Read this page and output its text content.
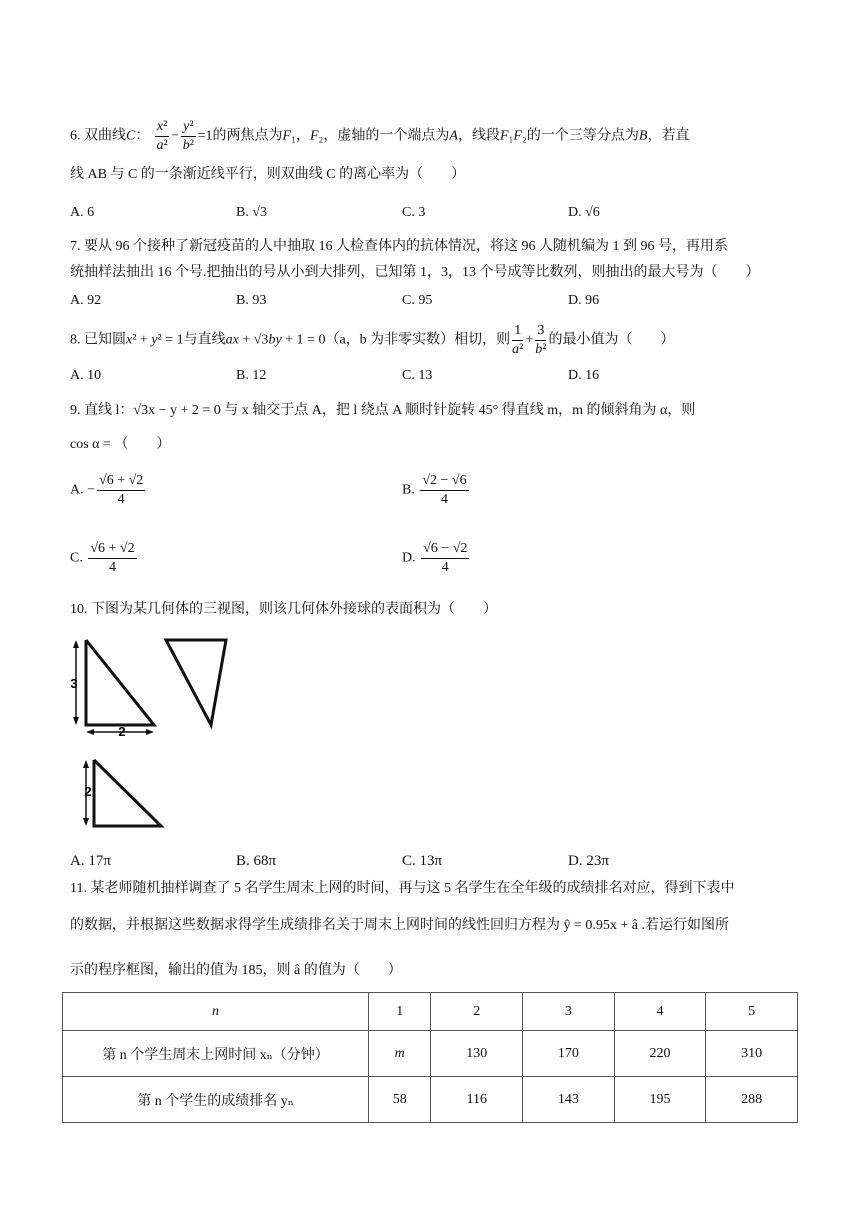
6. 双曲线C： $\frac{\text{x²}}{\text{a²}} - \frac{\text{y²}}{\text{b²}} =1$的两焦点为F₁，F₂，虚轴的一个端点为A，线段F₁F₂的一个三等分点为B，若直
线 AB 与 C 的一条渐近线平行，则双曲线 C 的离心率为（　　）
A. 6	B. √3	C. 3	D. √6
7. 要从 96 个接种了新冠疫苗的人中抽取 16 人检查体内的抗体情况，将这 96 人随机编为 1 到 96 号，再用系
统抽样法抽出 16 个号.把抽出的号从小到大排列，已知第 1，3，13 个号成等比数列，则抽出的最大号为（　　）
A. 92	B. 93	C. 95	D. 96
8. 已知圆x² + y² = 1与直线ax + √3by + 1 = 0（a，b 为非零实数）相切，则 $\frac{1}{\text{a²}} + \frac{3}{\text{b²}}$ 的最小值为（　　）
A. 10	B. 12	C. 13	D. 16
9. 直线 l：√3x − y + 2 = 0 与 x 轴交于点 A，把 l 绕点 A 顺时针旋转 45° 得直线 m，m 的倾斜角为 α，则
cos α = （　　）
A. − $\frac{√6 + √2}{4}$	B. $\frac{√2 - √6}{4}$
C. $\frac{√6 + √2}{4}$	D. $\frac{√6 - √2}{4}$
10. 下图为某几何体的三视图，则该几何体外接球的表面积为（　　）
3
2
2
A. 17π	B. 68π	C. 13π	D. 23π
11. 某老师随机抽样调查了 5 名学生周末上网的时间，再与这 5 名学生在全年级的成绩排名对应，得到下表中
的数据，并根据这些数据求得学生成绩排名关于周末上网时间的线性回归方程为 ŷ = 0.95x + â .若运行如图所
示的程序框图，输出的值为 185，则 â 的值为（　　）
n	1	2	3	4	5
第 n 个学生周末上网时间 xₙ（分钟）	m	130	170	220	310
第 n 个学生的成绩排名 yₙ	58	116	143	195	288
